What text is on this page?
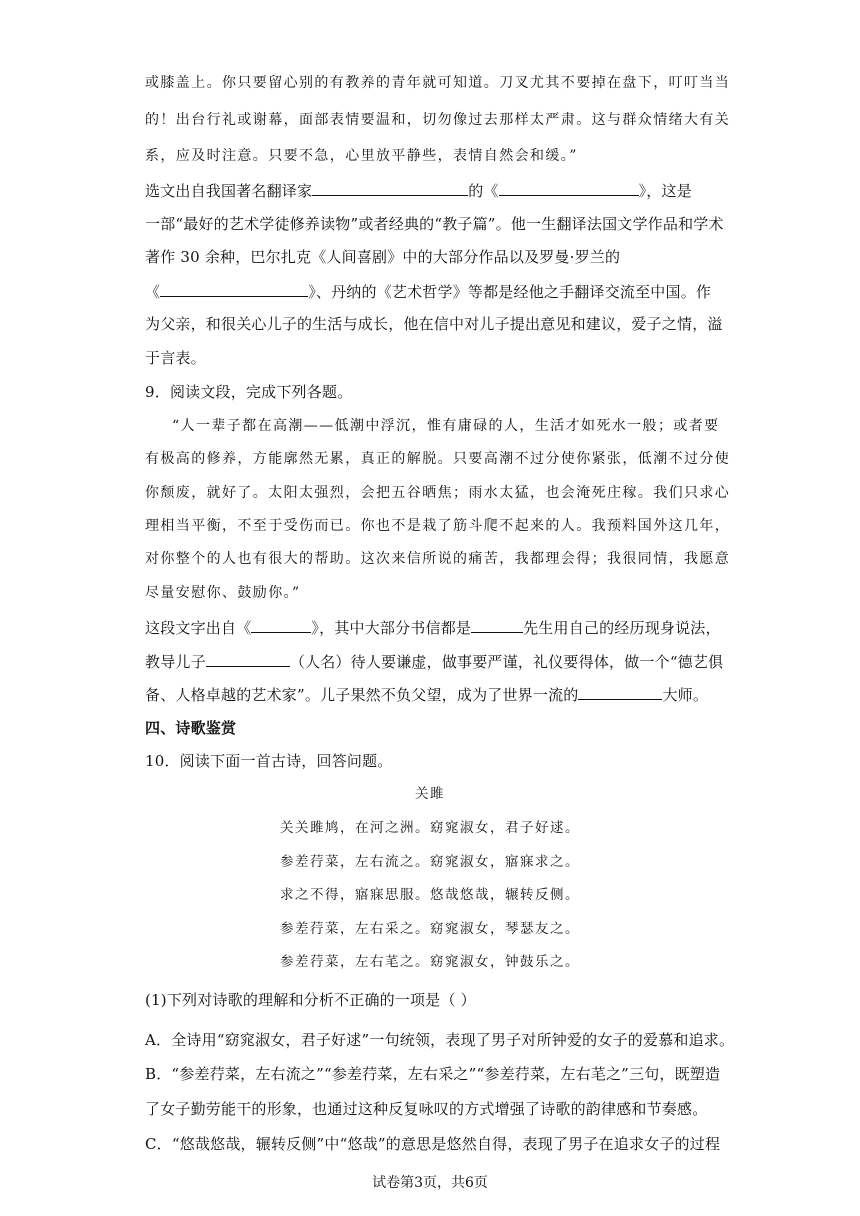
或膝盖上。你只要留心别的有教养的青年就可知道。刀叉尤其不要掉在盘下，叮叮当当
的！出台行礼或谢幕，面部表情要温和，切勿像过去那样太严肃。这与群众情绪大有关
系，应及时注意。只要不急，心里放平静些，表情自然会和缓。”
选文出自我国著名翻译家	的《	》，这是
一部“最好的艺术学徒修养读物”或者经典的“教子篇”。他一生翻译法国文学作品和学术
著作 30 余种，巴尔扎克《人间喜剧》中的大部分作品以及罗曼·罗兰的
《	》、丹纳的《艺术哲学》等都是经他之手翻译交流至中国。作
为父亲，和很关心儿子的生活与成长，他在信中对儿子提出意见和建议，爱子之情，溢
于言表。
9．阅读文段，完成下列各题。
“人一辈子都在高潮——低潮中浮沉，惟有庸碌的人，生活才如死水一般；或者要
有极高的修养，方能廓然无累，真正的解脱。只要高潮不过分使你紧张，低潮不过分使
你颓废，就好了。太阳太强烈，会把五谷晒焦；雨水太猛，也会淹死庄稼。我们只求心
理相当平衡，不至于受伤而已。你也不是栽了筋斗爬不起来的人。我预料国外这几年，
对你整个的人也有很大的帮助。这次来信所说的痛苦，我都理会得；我很同情，我愿意
尽量安慰你、鼓励你。”
这段文字出自《	》，其中大部分书信都是	先生用自己的经历现身说法，
教导儿子	（人名）待人要谦虚，做事要严谨，礼仪要得体，做一个“德艺俱
备、人格卓越的艺术家”。儿子果然不负父望，成为了世界一流的	大师。
四、诗歌鉴赏
10．阅读下面一首古诗，回答问题。
关雎
关关雎鸠，在河之洲。窈窕淑女，君子好逑。
参差荇菜，左右流之。窈窕淑女，寤寐求之。
求之不得，寤寐思服。悠哉悠哉，辗转反侧。
参差荇菜，左右采之。窈窕淑女，琴瑟友之。
参差荇菜，左右芼之。窈窕淑女，钟鼓乐之。
(1)下列对诗歌的理解和分析不正确的一项是（ ）
A．全诗用“窈窕淑女，君子好逑”一句统领，表现了男子对所钟爱的女子的爱慕和追求。
B．“参差荇菜，左右流之”“参差荇菜，左右采之”“参差荇菜，左右芼之”三句，既塑造
了女子勤劳能干的形象，也通过这种反复咏叹的方式增强了诗歌的韵律感和节奏感。
C．“悠哉悠哉，辗转反侧”中“悠哉”的意思是悠然自得，表现了男子在追求女子的过程
试卷第3页，共6页
